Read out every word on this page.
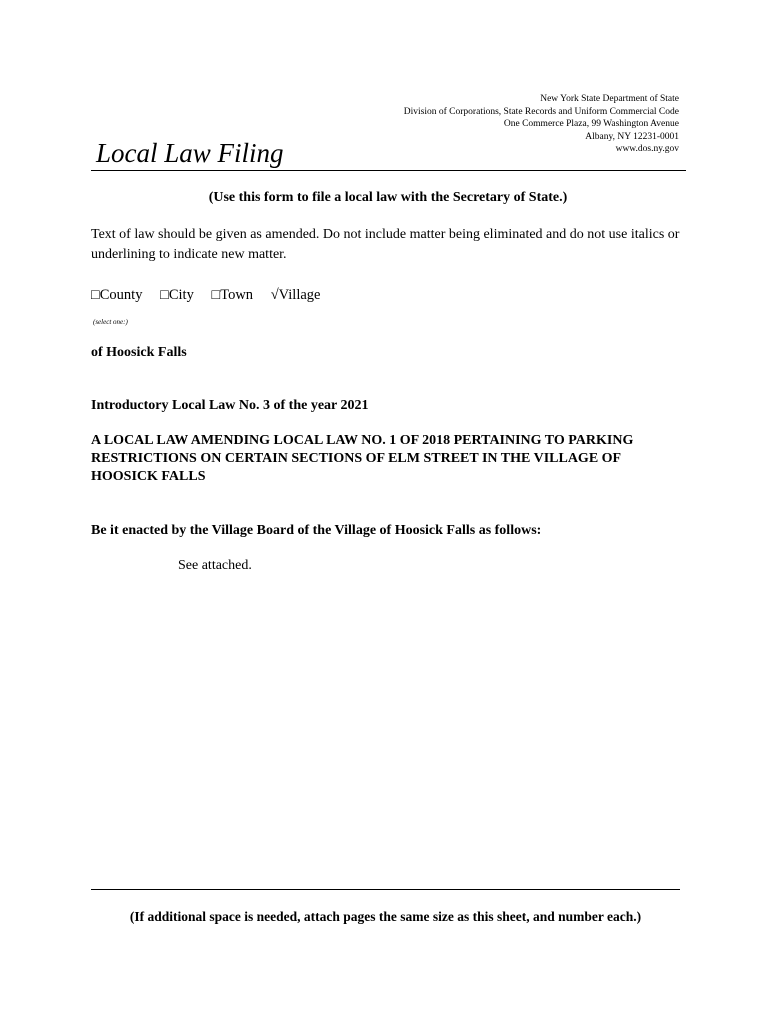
New York State Department of State
Division of Corporations, State Records and Uniform Commercial Code
One Commerce Plaza, 99 Washington Avenue
Albany, NY 12231-0001
www.dos.ny.gov
Local Law Filing
(Use this form to file a local law with the Secretary of State.)
Text of law should be given as amended. Do not include matter being eliminated and do not use italics or underlining to indicate new matter.
□County □City □Town √Village
(select one:)
of Hoosick Falls
Introductory Local Law No. 3 of the year 2021
A LOCAL LAW AMENDING LOCAL LAW NO. 1 OF 2018 PERTAINING TO PARKING RESTRICTIONS ON CERTAIN SECTIONS OF ELM STREET IN THE VILLAGE OF HOOSICK FALLS
Be it enacted by the Village Board of the Village of Hoosick Falls as follows:
See attached.
(If additional space is needed, attach pages the same size as this sheet, and number each.)
